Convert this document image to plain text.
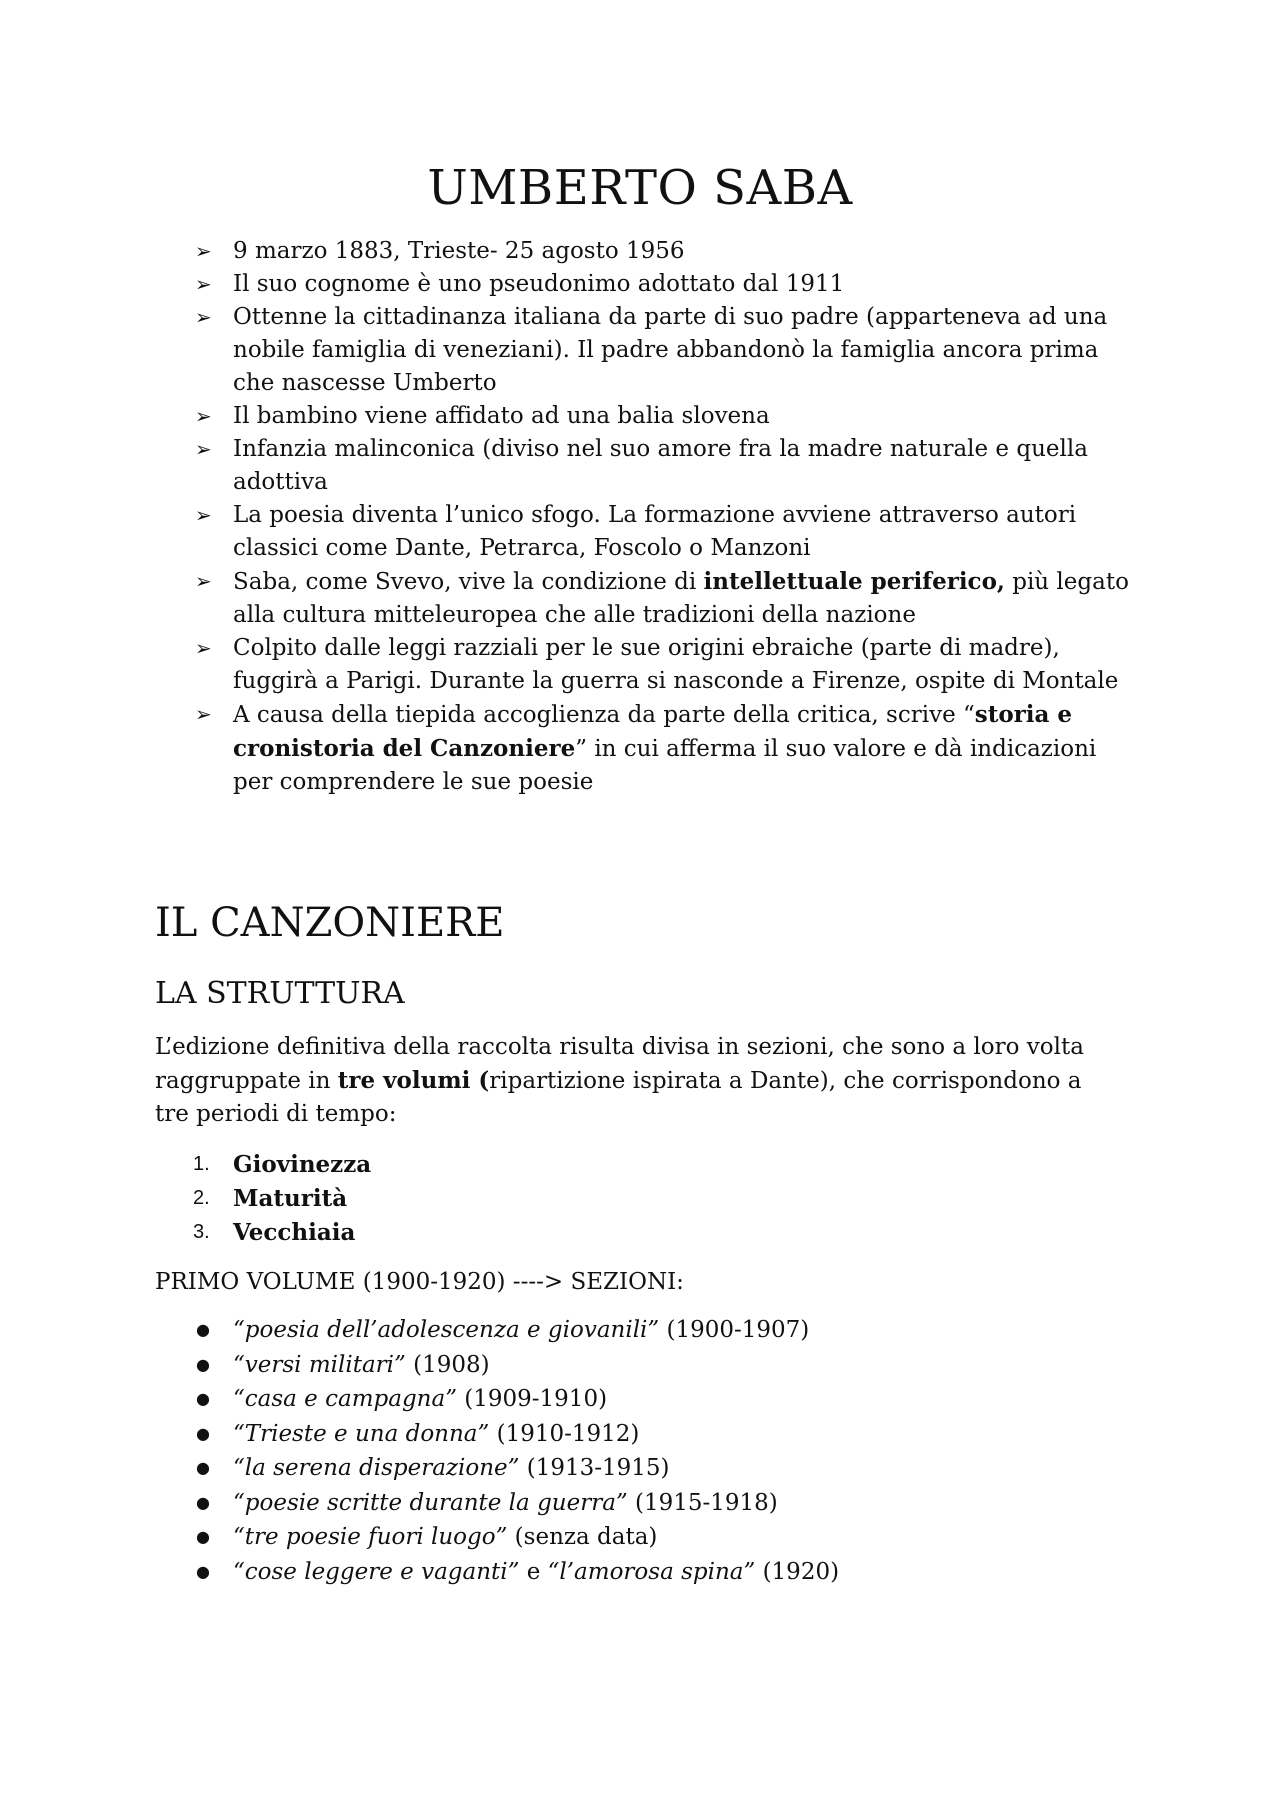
UMBERTO SABA
➢ 9 marzo 1883, Trieste- 25 agosto 1956
➢ Il suo cognome è uno pseudonimo adottato dal 1911
➢ Ottenne la cittadinanza italiana da parte di suo padre (apparteneva ad una nobile famiglia di veneziani). Il padre abbandonò la famiglia ancora prima che nascesse Umberto
➢ Il bambino viene affidato ad una balia slovena
➢ Infanzia malinconica (diviso nel suo amore fra la madre naturale e quella adottiva
➢ La poesia diventa l’unico sfogo. La formazione avviene attraverso autori classici come Dante, Petrarca, Foscolo o Manzoni
➢ Saba, come Svevo, vive la condizione di intellettuale periferico, più legato alla cultura mitteleuropea che alle tradizioni della nazione
➢ Colpito dalle leggi razziali per le sue origini ebraiche (parte di madre), fuggirà a Parigi. Durante la guerra si nasconde a Firenze, ospite di Montale
➢ A causa della tiepida accoglienza da parte della critica, scrive “storia e cronistoria del Canzoniere” in cui afferma il suo valore e dà indicazioni per comprendere le sue poesie
IL CANZONIERE
LA STRUTTURA

L’edizione definitiva della raccolta risulta divisa in sezioni, che sono a loro volta raggruppate in tre volumi (ripartizione ispirata a Dante), che corrispondono a tre periodi di tempo:

1. Giovinezza
2. Maturità
3. Vecchiaia

PRIMO VOLUME (1900-1920) ----> SEZIONI:

● “poesia dell’adolescenza e giovanili” (1900-1907)
● “versi militari” (1908)
● “casa e campagna” (1909-1910)
● “Trieste e una donna” (1910-1912)
● “la serena disperazione” (1913-1915)
● “poesie scritte durante la guerra” (1915-1918)
● “tre poesie fuori luogo” (senza data)
● “cose leggere e vaganti” e “l’amorosa spina” (1920)
